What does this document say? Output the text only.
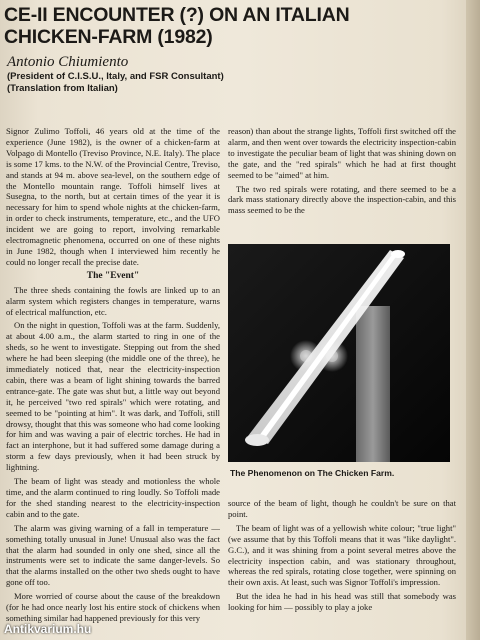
CE-II ENCOUNTER (?) ON AN ITALIAN
CHICKEN-FARM (1982)
Antonio Chiumiento
(President of C.I.S.U., Italy, and FSR Consultant)
(Translation from Italian)

Signor Zulimo Toffoli, 46 years old at the time of the experience (June 1982), is the owner of a chicken-farm at Volpago di Montello (Treviso Province, N.E. Italy). The place is some 17 kms. to the N.W. of the Provincial Centre, Treviso, and stands at 94 m. above sea-level, on the southern edge of the Montello mountain range. Toffoli himself lives at Susegna, to the north, but at certain times of the year it is necessary for him to spend whole nights at the chicken-farm, in order to check instruments, temperature, etc., and the UFO incident we are going to report, involving remarkable electromagnetic phenomena, occurred on one of these nights in June 1982, though when I interviewed him recently he could no longer recall the precise date.

The "Event"

The three sheds containing the fowls are linked up to an alarm system which registers changes in temperature, warns of electrical malfunction, etc.

On the night in question, Toffoli was at the farm. Suddenly, at about 4.00 a.m., the alarm started to ring in one of the sheds, so he went to investigate. Stepping out from the shed where he had been sleeping (the middle one of the three), he immediately noticed that, near the electricity-inspection cabin, there was a beam of light shining towards the barred entrance-gate. The gate was shut but, a little way out beyond it, he perceived "two red spirals" which were rotating, and seemed to be "pointing at him". It was dark, and Toffoli, still drowsy, thought that this was someone who had come looking for him and was waving a pair of electric torches. He had in fact an interphone, but it had suffered some damage during a storm a few days previously, when it had been struck by lightning.

The beam of light was steady and motionless the whole time, and the alarm continued to ring loudly. So Toffoli made for the shed standing nearest to the electricity-inspection cabin and to the gate.

The alarm was giving warning of a fall in temperature — something totally unusual in June! Unusual also was the fact that the alarm had sounded in only one shed, since all the instruments were set to indicate the same danger-levels. So that the alarms installed on the other two sheds ought to have gone off too.

More worried of course about the cause of the breakdown (for he had once nearly lost his entire stock of chickens when something similar had happened previously for this very

reason) than about the strange lights, Toffoli first switched off the alarm, and then went over towards the electricity inspection-cabin to investigate the peculiar beam of light that was shining down on the gate, and the "red spirals" which he had at first thought seemed to be "aimed" at him.

The two red spirals were rotating, and there seemed to be a dark mass stationary directly above the inspection-cabin, and this mass seemed to be the

The Phenomenon on The Chicken Farm.

source of the beam of light, though he couldn't be sure on that point.

The beam of light was of a yellowish white colour; "true light" (we assume that by this Toffoli means that it was "like daylight". G.C.), and it was shining from a point several metres above the electricity inspection cabin, and was stationary throughout, whereas the red spirals, rotating close together, were spinning on their own axis. At least, such was Signor Toffoli's impression.

But the idea he had in his head was still that somebody was looking for him — possibly to play a joke

Antikvarium.hu
